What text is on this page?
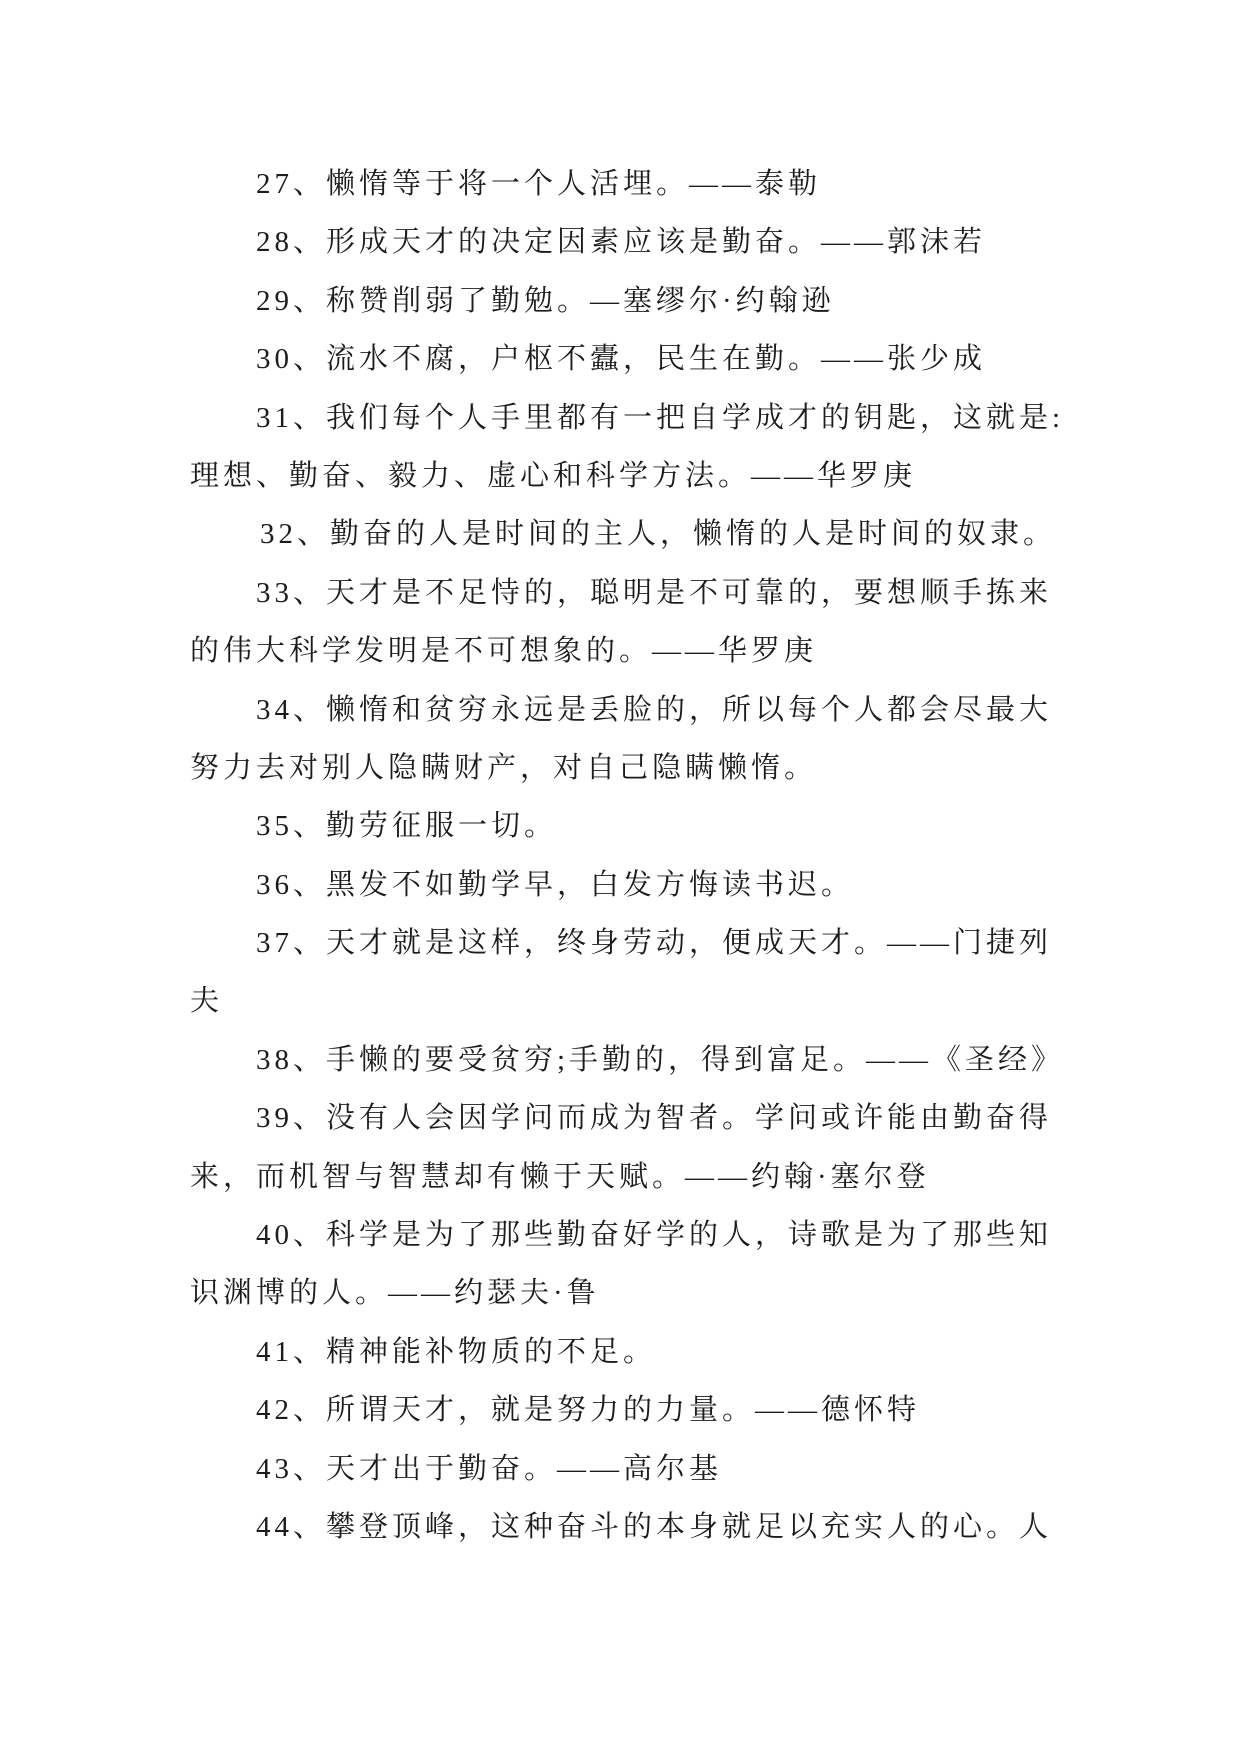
27、懒惰等于将一个人活埋。——泰勒
28、形成天才的决定因素应该是勤奋。——郭沫若
29、称赞削弱了勤勉。—塞缪尔·约翰逊
30、流水不腐，户枢不蠹，民生在勤。——张少成
31、我们每个人手里都有一把自学成才的钥匙，这就是:
理想、勤奋、毅力、虚心和科学方法。——华罗庚
32、勤奋的人是时间的主人，懒惰的人是时间的奴隶。
33、天才是不足恃的，聪明是不可靠的，要想顺手拣来
的伟大科学发明是不可想象的。——华罗庚
34、懒惰和贫穷永远是丢脸的，所以每个人都会尽最大
努力去对别人隐瞒财产，对自己隐瞒懒惰。
35、勤劳征服一切。
36、黑发不如勤学早，白发方悔读书迟。
37、天才就是这样，终身劳动，便成天才。——门捷列
夫
38、手懒的要受贫穷;手勤的，得到富足。——《圣经》
39、没有人会因学问而成为智者。学问或许能由勤奋得
来，而机智与智慧却有懒于天赋。——约翰·塞尔登
40、科学是为了那些勤奋好学的人，诗歌是为了那些知
识渊博的人。——约瑟夫·鲁
41、精神能补物质的不足。
42、所谓天才，就是努力的力量。——德怀特
43、天才出于勤奋。——高尔基
44、攀登顶峰，这种奋斗的本身就足以充实人的心。人
